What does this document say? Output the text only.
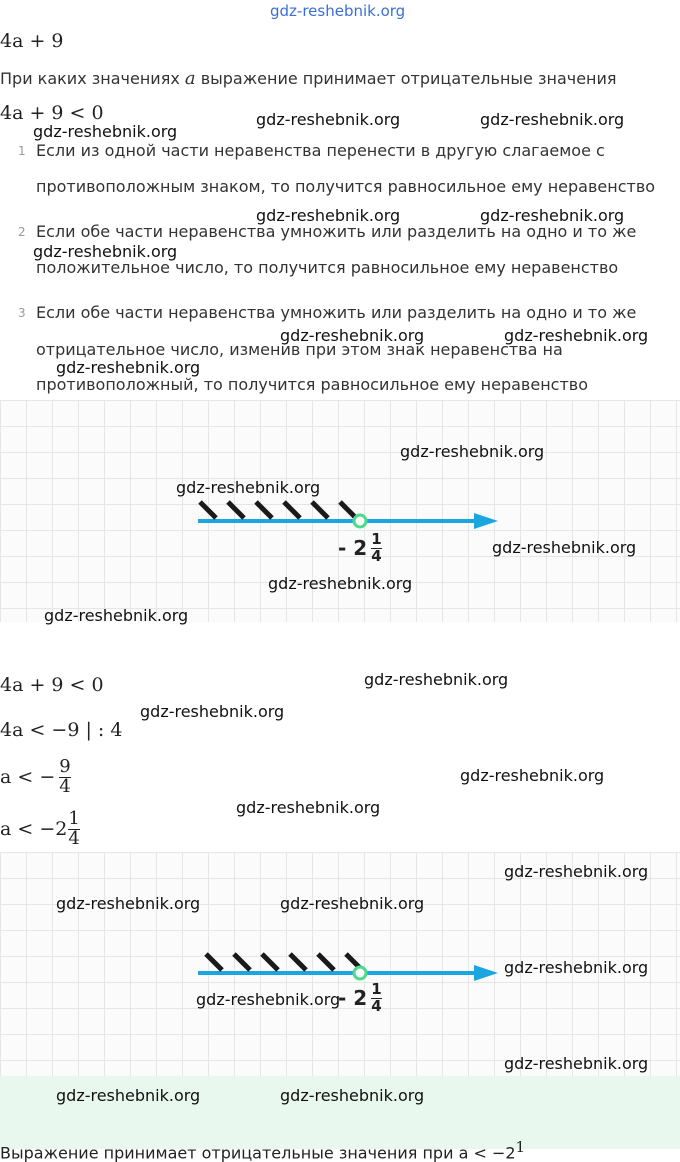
gdz-reshebnik.org
4a + 9
При каких значениях a выражение принимает отрицательные значения
4a + 9 < 0
1 Если из одной части неравенства перенести в другую слагаемое с
противоположным знаком, то получится равносильное ему неравенство
2 Если обе части неравенства умножить или разделить на одно и то же
положительное число, то получится равносильное ему неравенство
3 Если обе части неравенства умножить или разделить на одно и то же
отрицательное число, изменив при этом знак неравенства на
противоположный, то получится равносильное ему неравенство
- $2 \frac{1}{4}$
4a + 9 < 0
4a < −9 | : 4
a < − $\frac{9}{4}$
$a < -2 \frac{1}{4}$
- $2 \frac{1}{4}$
Выражение принимает отрицательные значения при $a < -2^1$
gdz-reshebnik.org
gdz-reshebnik.org	gdz-reshebnik.org
gdz-reshebnik.org	gdz-reshebnik.org
gdz-reshebnik.org
gdz-reshebnik.org	gdz-reshebnik.org
gdz-reshebnik.org
gdz-reshebnik.org
gdz-reshebnik.org
gdz-reshebnik.org
gdz-reshebnik.org
gdz-reshebnik.org
gdz-reshebnik.org
gdz-reshebnik.org
gdz-reshebnik.org
gdz-reshebnik.org
gdz-reshebnik.org
gdz-reshebnik.org	gdz-reshebnik.org
gdz-reshebnik.org
gdz-reshebnik.org
gdz-reshebnik.org
gdz-reshebnik.org	gdz-reshebnik.org
